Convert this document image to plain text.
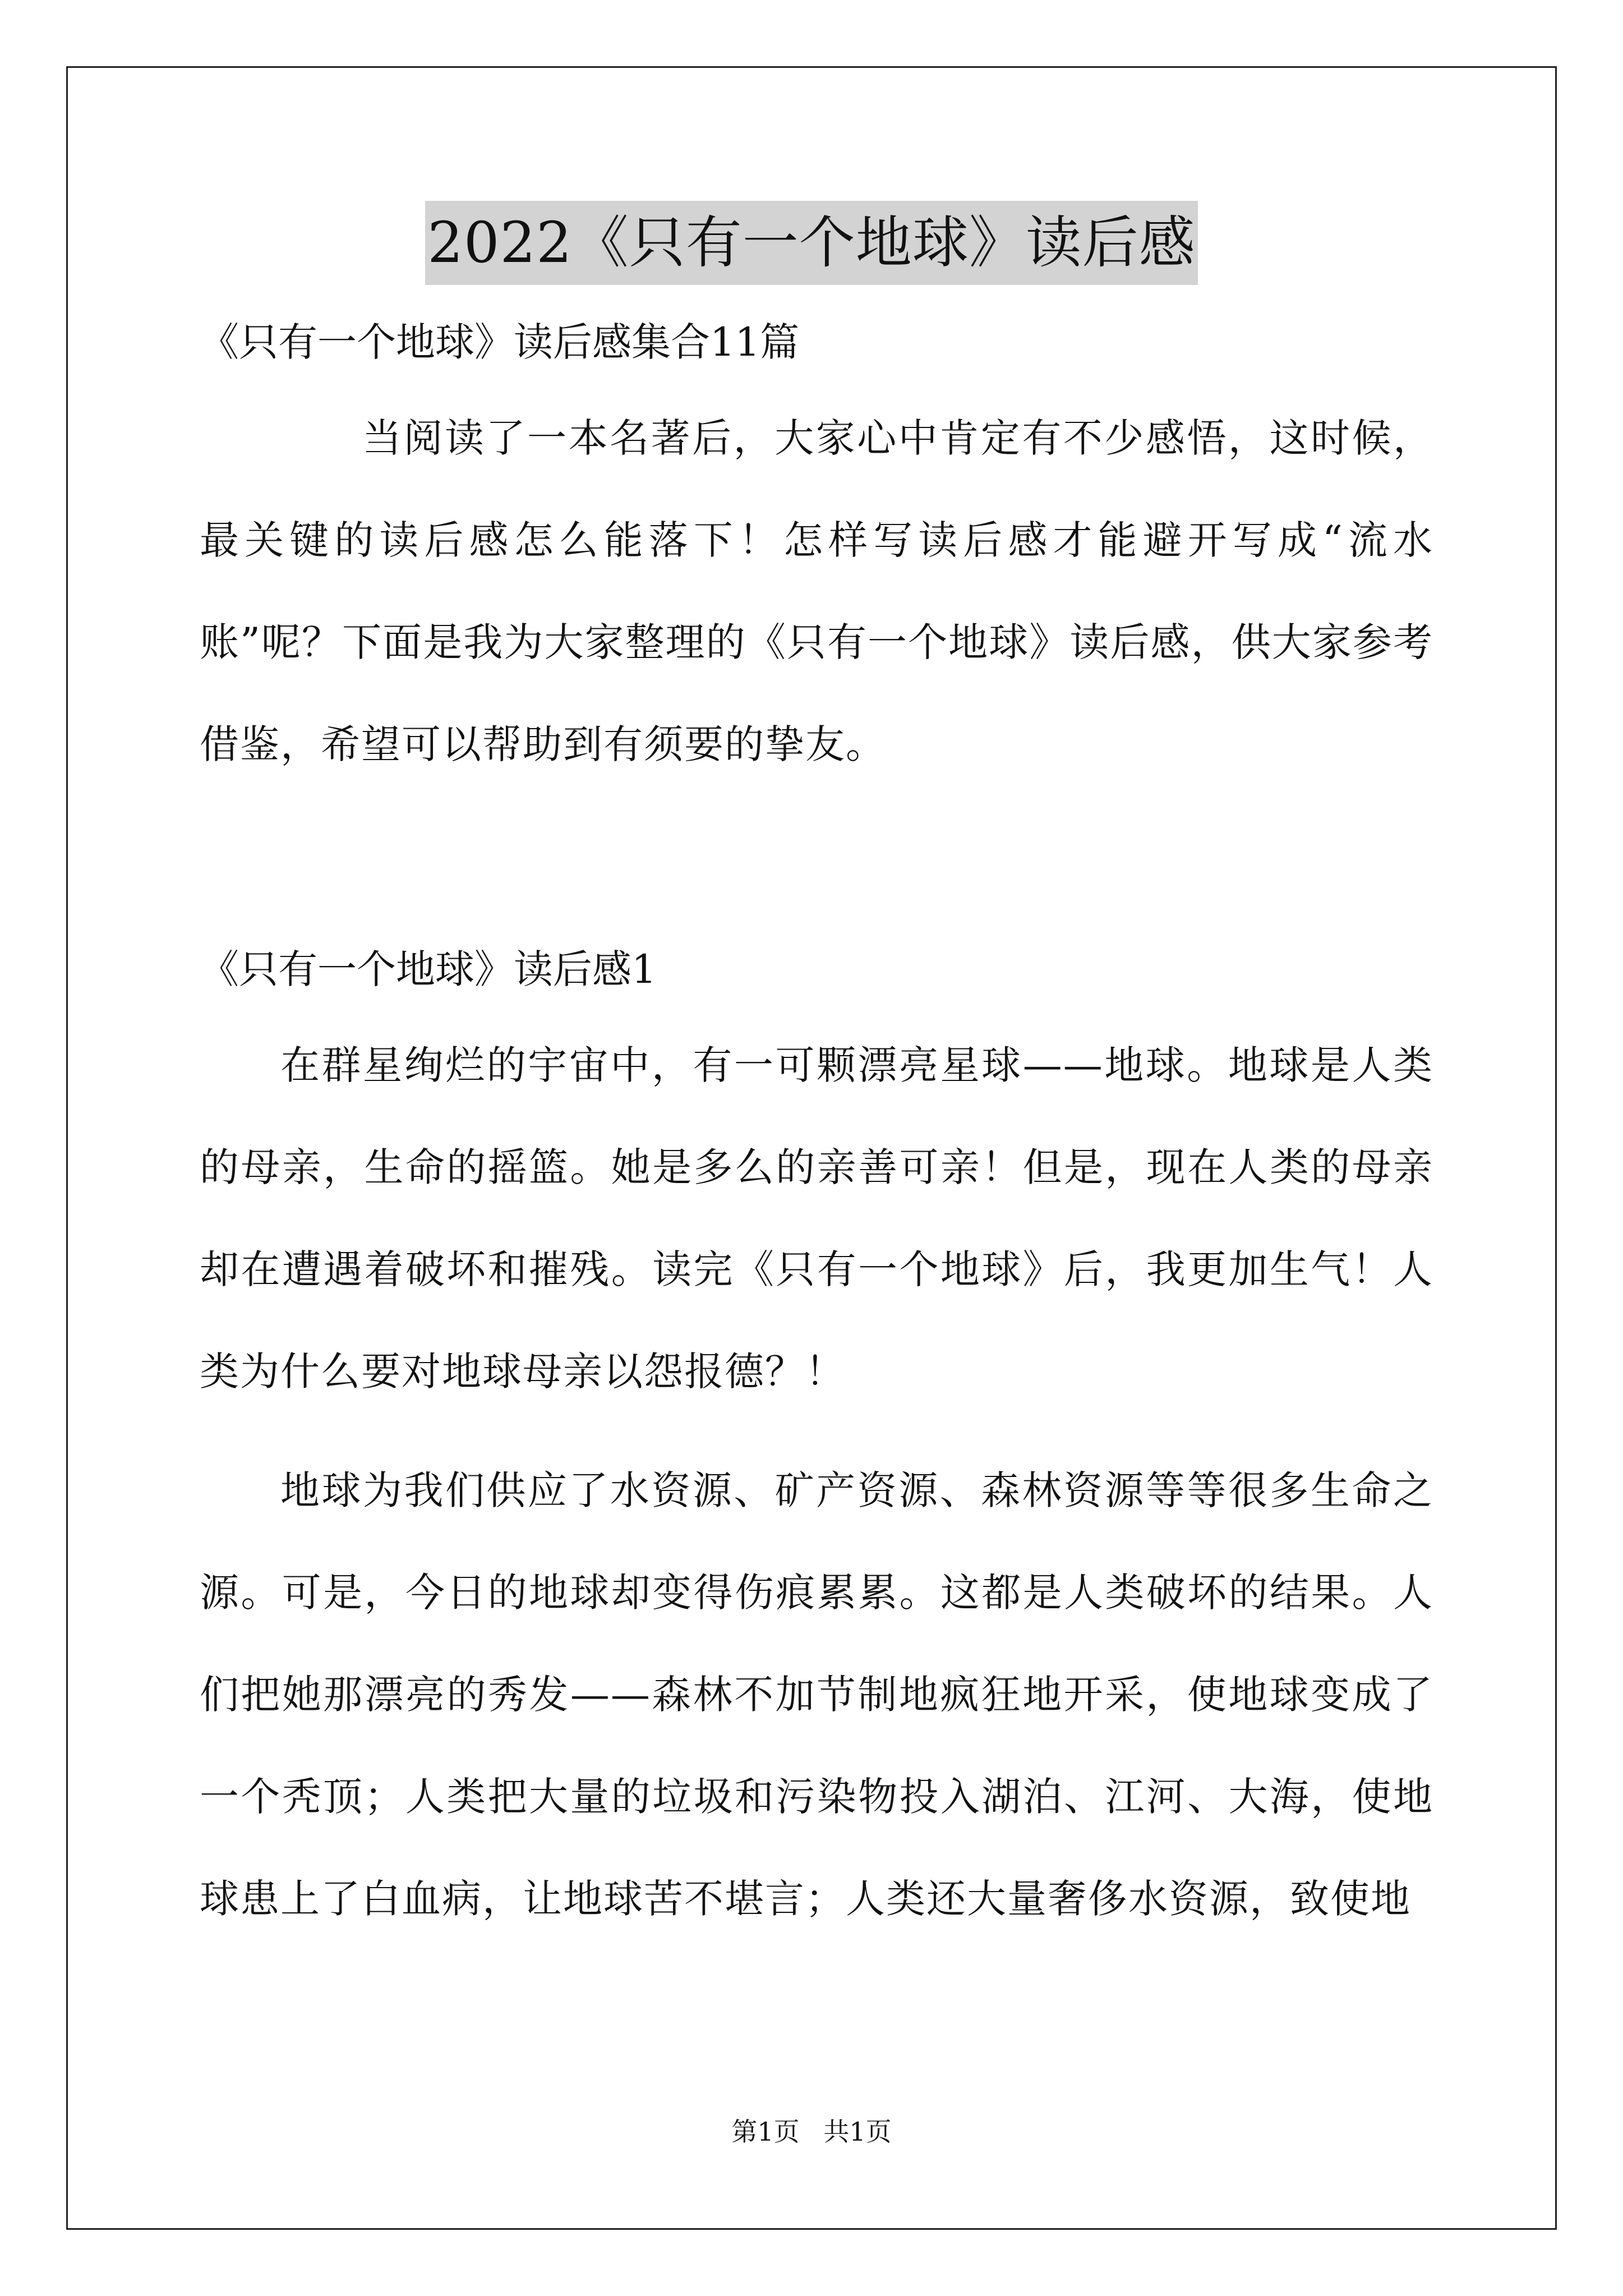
2022《只有一个地球》读后感

《只有一个地球》读后感集合11篇

当阅读了一本名著后，大家心中肯定有不少感悟，这时候，最关键的读后感怎么能落下！怎样写读后感才能避开写成“流水账”呢？下面是我为大家整理的《只有一个地球》读后感，供大家参考借鉴，希望可以帮助到有须要的挚友。

《只有一个地球》读后感1

在群星绚烂的宇宙中，有一可颗漂亮星球——地球。地球是人类的母亲，生命的摇篮。她是多么的亲善可亲！但是，现在人类的母亲却在遭遇着破坏和摧残。读完《只有一个地球》后，我更加生气！人类为什么要对地球母亲以怨报德？！

地球为我们供应了水资源、矿产资源、森林资源等等很多生命之源。可是，今日的地球却变得伤痕累累。这都是人类破坏的结果。人们把她那漂亮的秀发——森林不加节制地疯狂地开采，使地球变成了一个秃顶；人类把大量的垃圾和污染物投入湖泊、江河、大海，使地球患上了白血病，让地球苦不堪言；人类还大量奢侈水资源，致使地

第1页 共1页
